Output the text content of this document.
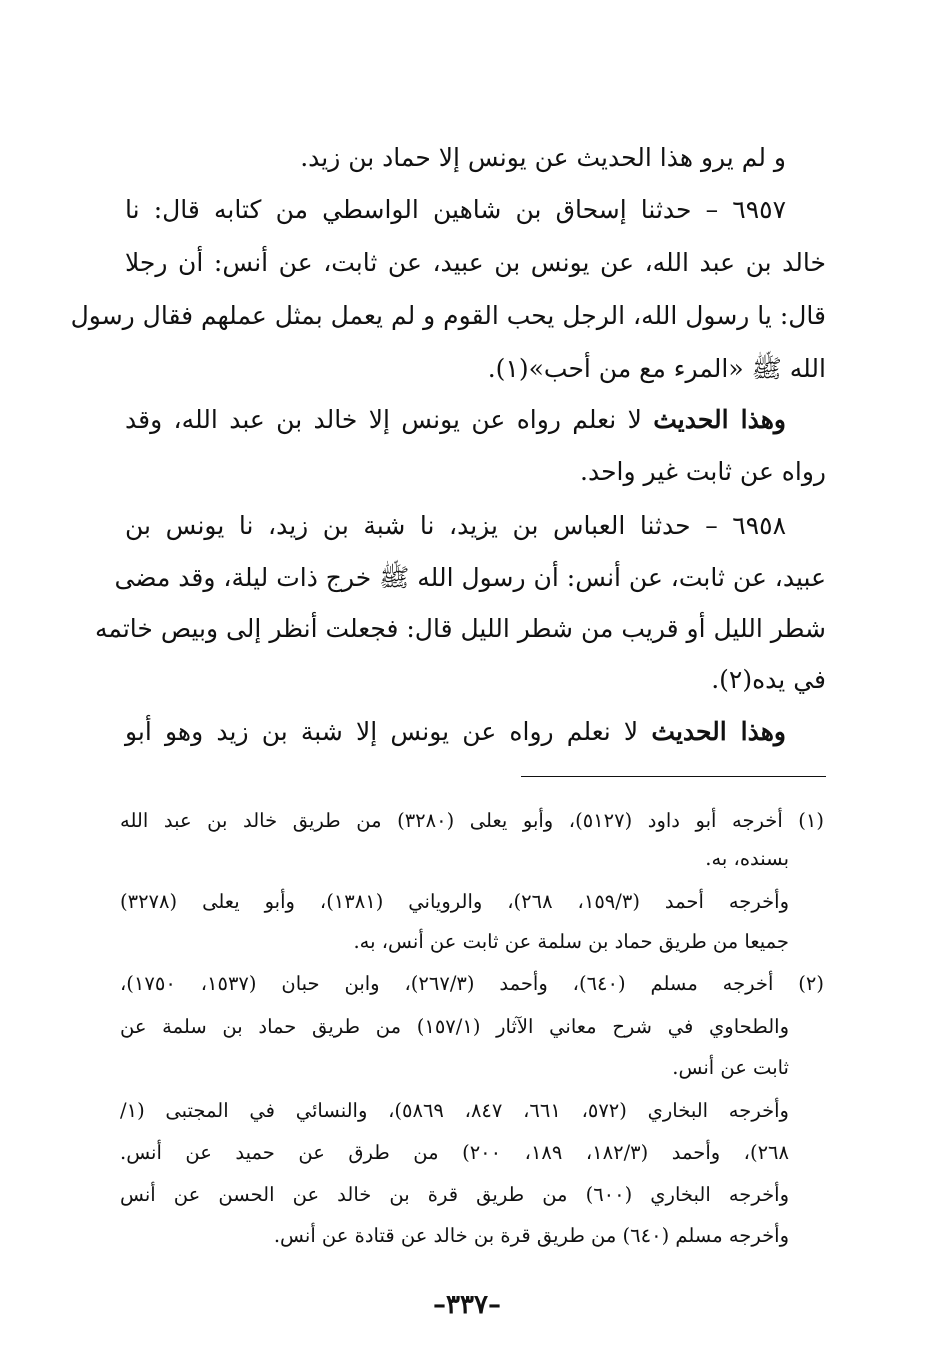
و لم يرو هذا الحديث عن يونس إلا حماد بن زيد.
٦٩٥٧ – حدثنا إسحاق بن شاهين الواسطي من كتابه قال: نا
خالد بن عبد الله، عن يونس بن عبيد، عن ثابت، عن أنس: أن رجلا
قال: يا رسول الله، الرجل يحب القوم و لم يعمل بمثل عملهم فقال رسول
الله ﷺ «المرء مع من أحب»(١).
وهذا الحديث لا نعلم رواه عن يونس إلا خالد بن عبد الله، وقد
رواه عن ثابت غير واحد.
٦٩٥٨ – حدثنا العباس بن يزيد، نا شبة بن زيد، نا يونس بن
عبيد، عن ثابت، عن أنس: أن رسول الله ﷺ خرج ذات ليلة، وقد مضى
شطر الليل أو قريب من شطر الليل قال: فجعلت أنظر إلى وبيص خاتمه
في يده(٢).
وهذا الحديث لا نعلم رواه عن يونس إلا شبة بن زيد وهو أبو
(١) أخرجه أبو داود (٥١٢٧)، وأبو يعلى (٣٢٨٠) من طريق خالد بن عبد الله
بسنده، به.
وأخرجه أحمد (١٥٩/٣، ٢٦٨)، والروياني (١٣٨١)، وأبو يعلى (٣٢٧٨)
جميعا من طريق حماد بن سلمة عن ثابت عن أنس، به.
(٢) أخرجه مسلم (٦٤٠)، وأحمد (٢٦٧/٣)، وابن حبان (١٥٣٧، ١٧٥٠)،
والطحاوي في شرح معاني الآثار (١٥٧/١) من طريق حماد بن سلمة عن
ثابت عن أنس.
وأخرجه البخاري (٥٧٢، ٦٦١، ٨٤٧، ٥٨٦٩)، والنسائي في المجتبى (١/
٢٦٨)، وأحمد (١٨٢/٣، ١٨٩، ٢٠٠) من طرق عن حميد عن أنس.
وأخرجه البخاري (٦٠٠) من طريق قرة بن خالد عن الحسن عن أنس
وأخرجه مسلم (٦٤٠) من طريق قرة بن خالد عن قتادة عن أنس.
–٣٣٧–
